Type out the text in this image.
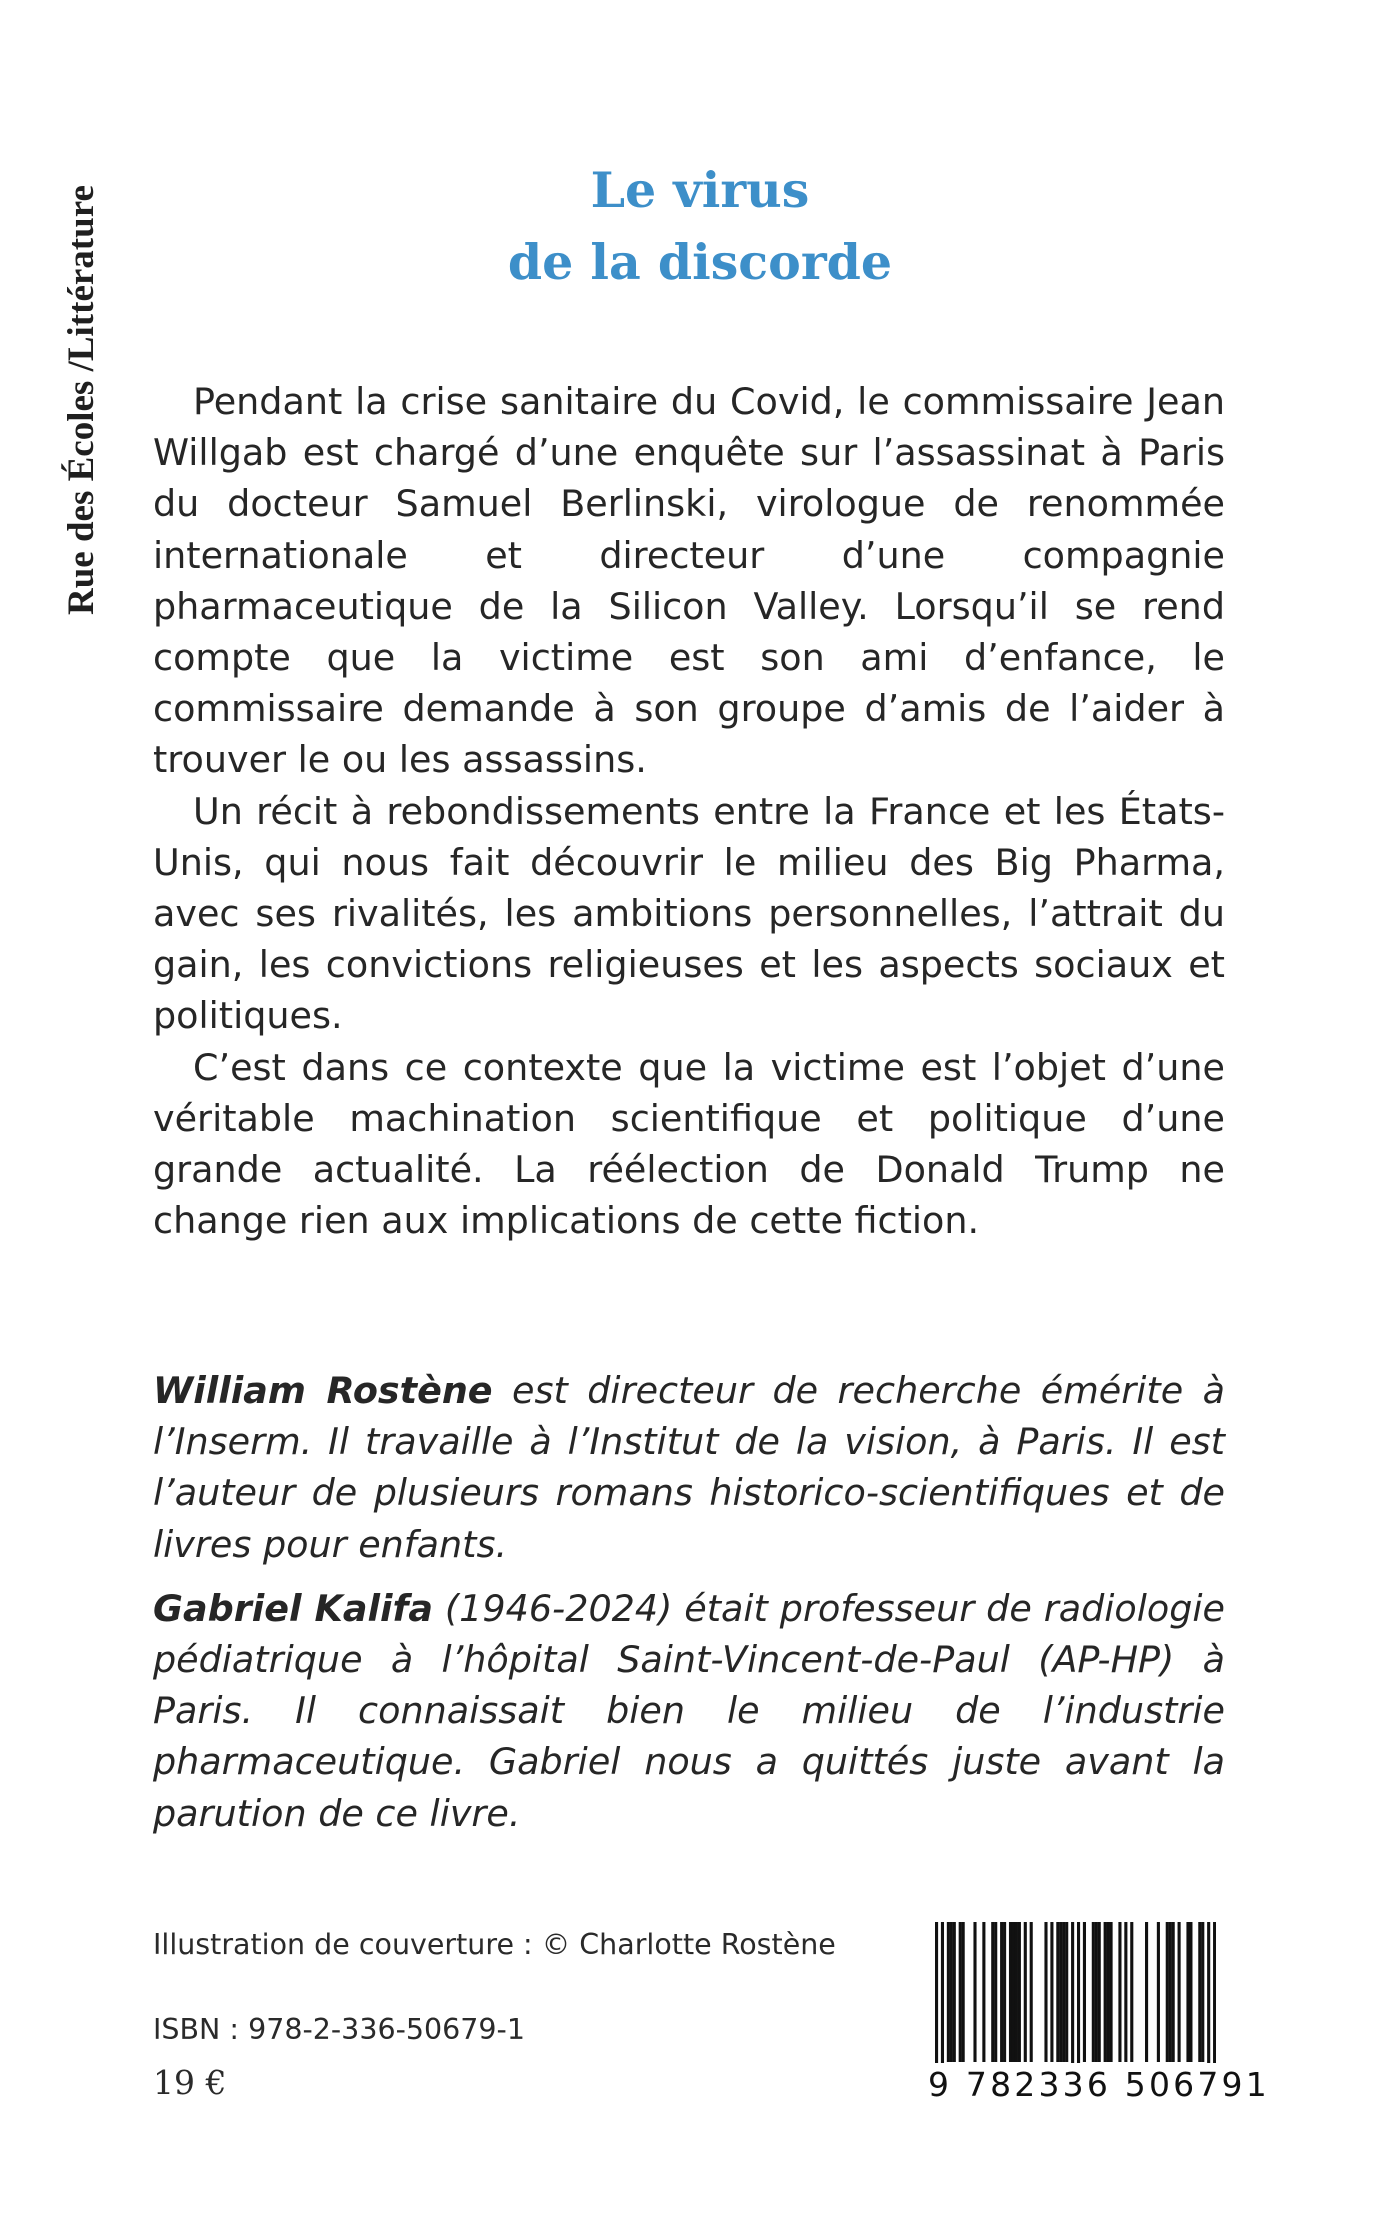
Rue des Écoles /Littérature	Le virus
de la discorde

Pendant la crise sanitaire du Covid, le commissaire Jean Willgab est chargé d’une enquête sur l’assassinat à Paris du docteur Samuel Berlinski, virologue de renommée internationale et directeur d’une compagnie pharmaceutique de la Silicon Valley. Lorsqu’il se rend compte que la victime est son ami d’enfance, le commissaire demande à son groupe d’amis de l’aider à trouver le ou les assassins.

Un récit à rebondissements entre la France et les États-Unis, qui nous fait découvrir le milieu des Big Pharma, avec ses rivalités, les ambitions personnelles, l’attrait du gain, les convictions religieuses et les aspects sociaux et politiques.

C’est dans ce contexte que la victime est l’objet d’une véritable machination scientifique et politique d’une grande actualité. La réélection de Donald Trump ne change rien aux implications de cette fiction.

William Rostène est directeur de recherche émérite à l’Inserm. Il travaille à l’Institut de la vision, à Paris. Il est l’auteur de plusieurs romans historico-scientifiques et de livres pour enfants.

Gabriel Kalifa (1946-2024) était professeur de radiologie pédiatrique à l’hôpital Saint-Vincent-de-Paul (AP-HP) à Paris. Il connaissait bien le milieu de l’industrie pharmaceutique. Gabriel nous a quittés juste avant la parution de ce livre.

Illustration de couverture : © Charlotte Rostène
ISBN : 978-2-336-50679-1
19 €	9 782336 506791
